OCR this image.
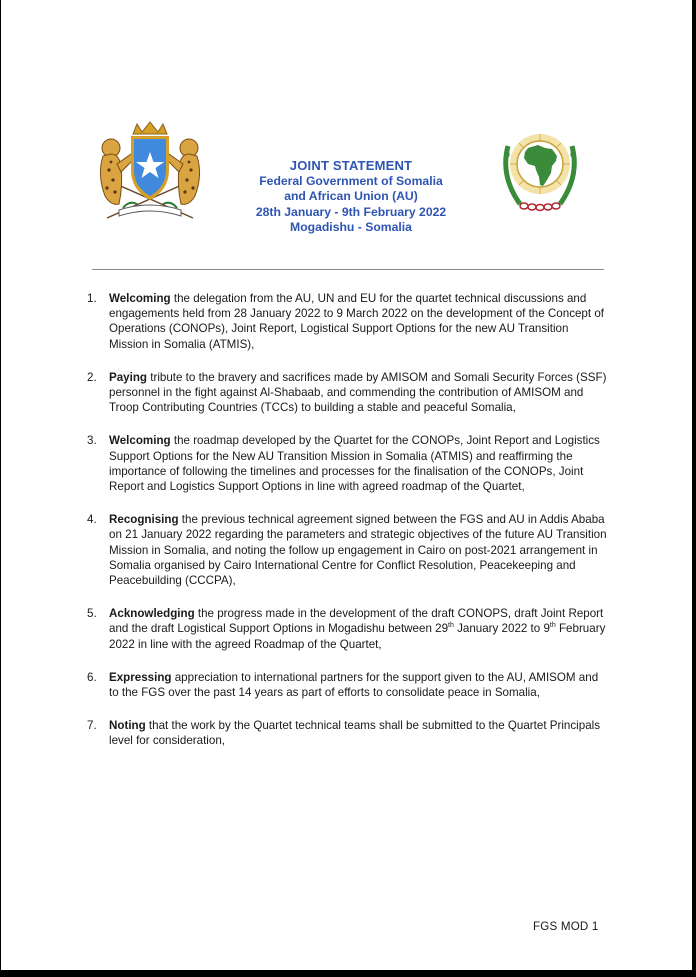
JOINT STATEMENT
Federal Government of Somalia
and African Union (AU)
28th January - 9th February 2022
Mogadishu - Somalia
1. Welcoming the delegation from the AU, UN and EU for the quartet technical discussions and engagements held from 28 January 2022 to 9 March 2022 on the development of the Concept of Operations (CONOPs), Joint Report, Logistical Support Options for the new AU Transition Mission in Somalia (ATMIS),
2. Paying tribute to the bravery and sacrifices made by AMISOM and Somali Security Forces (SSF) personnel in the fight against Al-Shabaab, and commending the contribution of AMISOM and Troop Contributing Countries (TCCs) to building a stable and peaceful Somalia,
3. Welcoming the roadmap developed by the Quartet for the CONOPs, Joint Report and Logistics Support Options for the New AU Transition Mission in Somalia (ATMIS) and reaffirming the importance of following the timelines and processes for the finalisation of the CONOPs, Joint Report and Logistics Support Options in line with agreed roadmap of the Quartet,
4. Recognising the previous technical agreement signed between the FGS and AU in Addis Ababa on 21 January 2022 regarding the parameters and strategic objectives of the future AU Transition Mission in Somalia, and noting the follow up engagement in Cairo on post-2021 arrangement in Somalia organised by Cairo International Centre for Conflict Resolution, Peacekeeping and Peacebuilding (CCCPA),
5. Acknowledging the progress made in the development of the draft CONOPS, draft Joint Report and the draft Logistical Support Options in Mogadishu between 29th January 2022 to 9th February 2022 in line with the agreed Roadmap of the Quartet,
6. Expressing appreciation to international partners for the support given to the AU, AMISOM and to the FGS over the past 14 years as part of efforts to consolidate peace in Somalia,
7. Noting that the work by the Quartet technical teams shall be submitted to the Quartet Principals level for consideration,
FGS MOD 1
